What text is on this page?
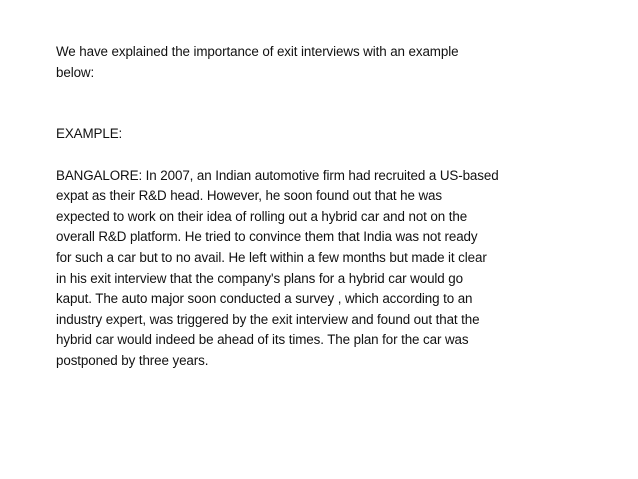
We have explained the importance of exit interviews with an example
below:
EXAMPLE:
BANGALORE: In 2007, an Indian automotive firm had recruited a US-based
expat as their R&D head. However, he soon found out that he was
expected to work on their idea of rolling out a hybrid car and not on the
overall R&D platform. He tried to convince them that India was not ready
for such a car but to no avail. He left within a few months but made it clear
in his exit interview that the company's plans for a hybrid car would go
kaput. The auto major soon conducted a survey , which according to an
industry expert, was triggered by the exit interview and found out that the
hybrid car would indeed be ahead of its times. The plan for the car was
postponed by three years.
